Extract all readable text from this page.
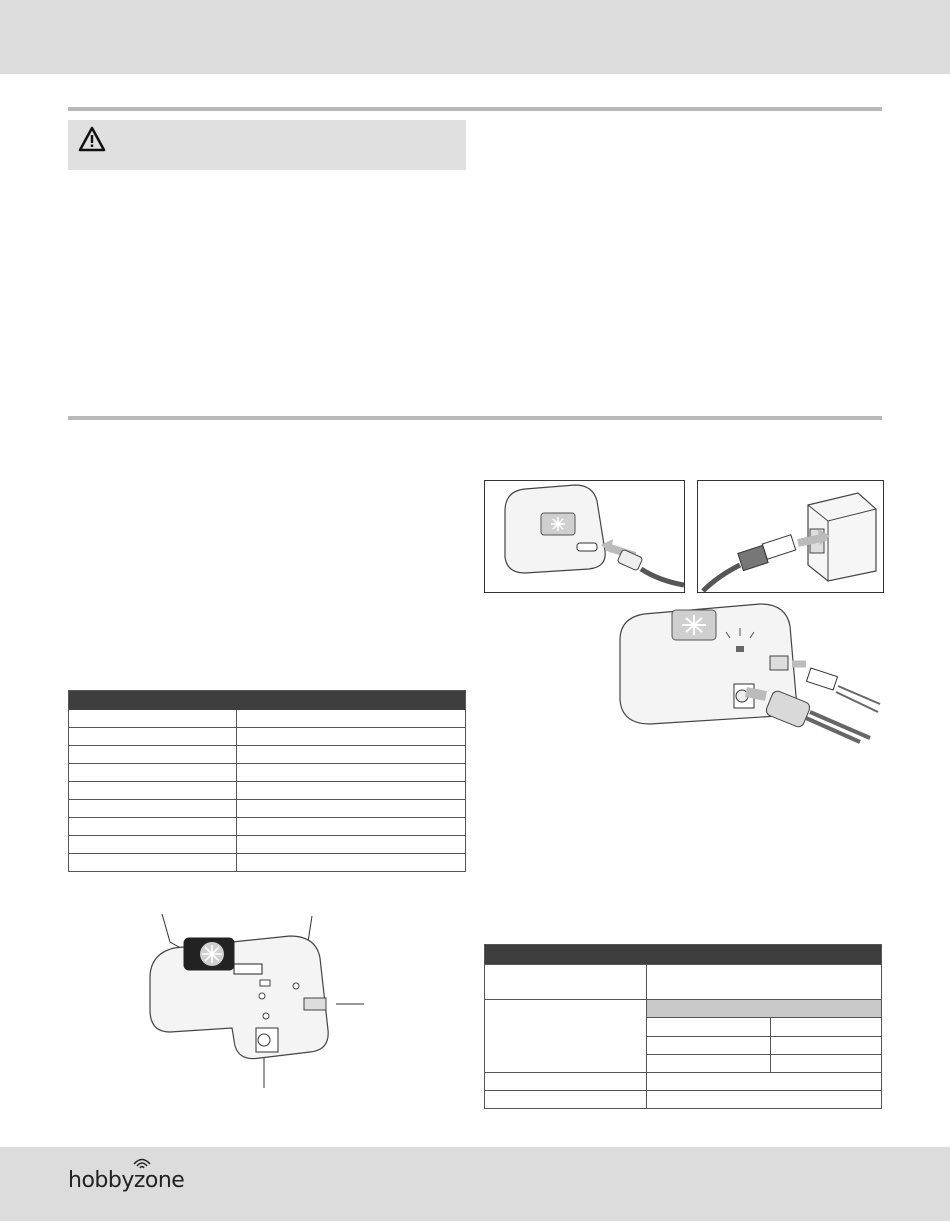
hobbyzone
